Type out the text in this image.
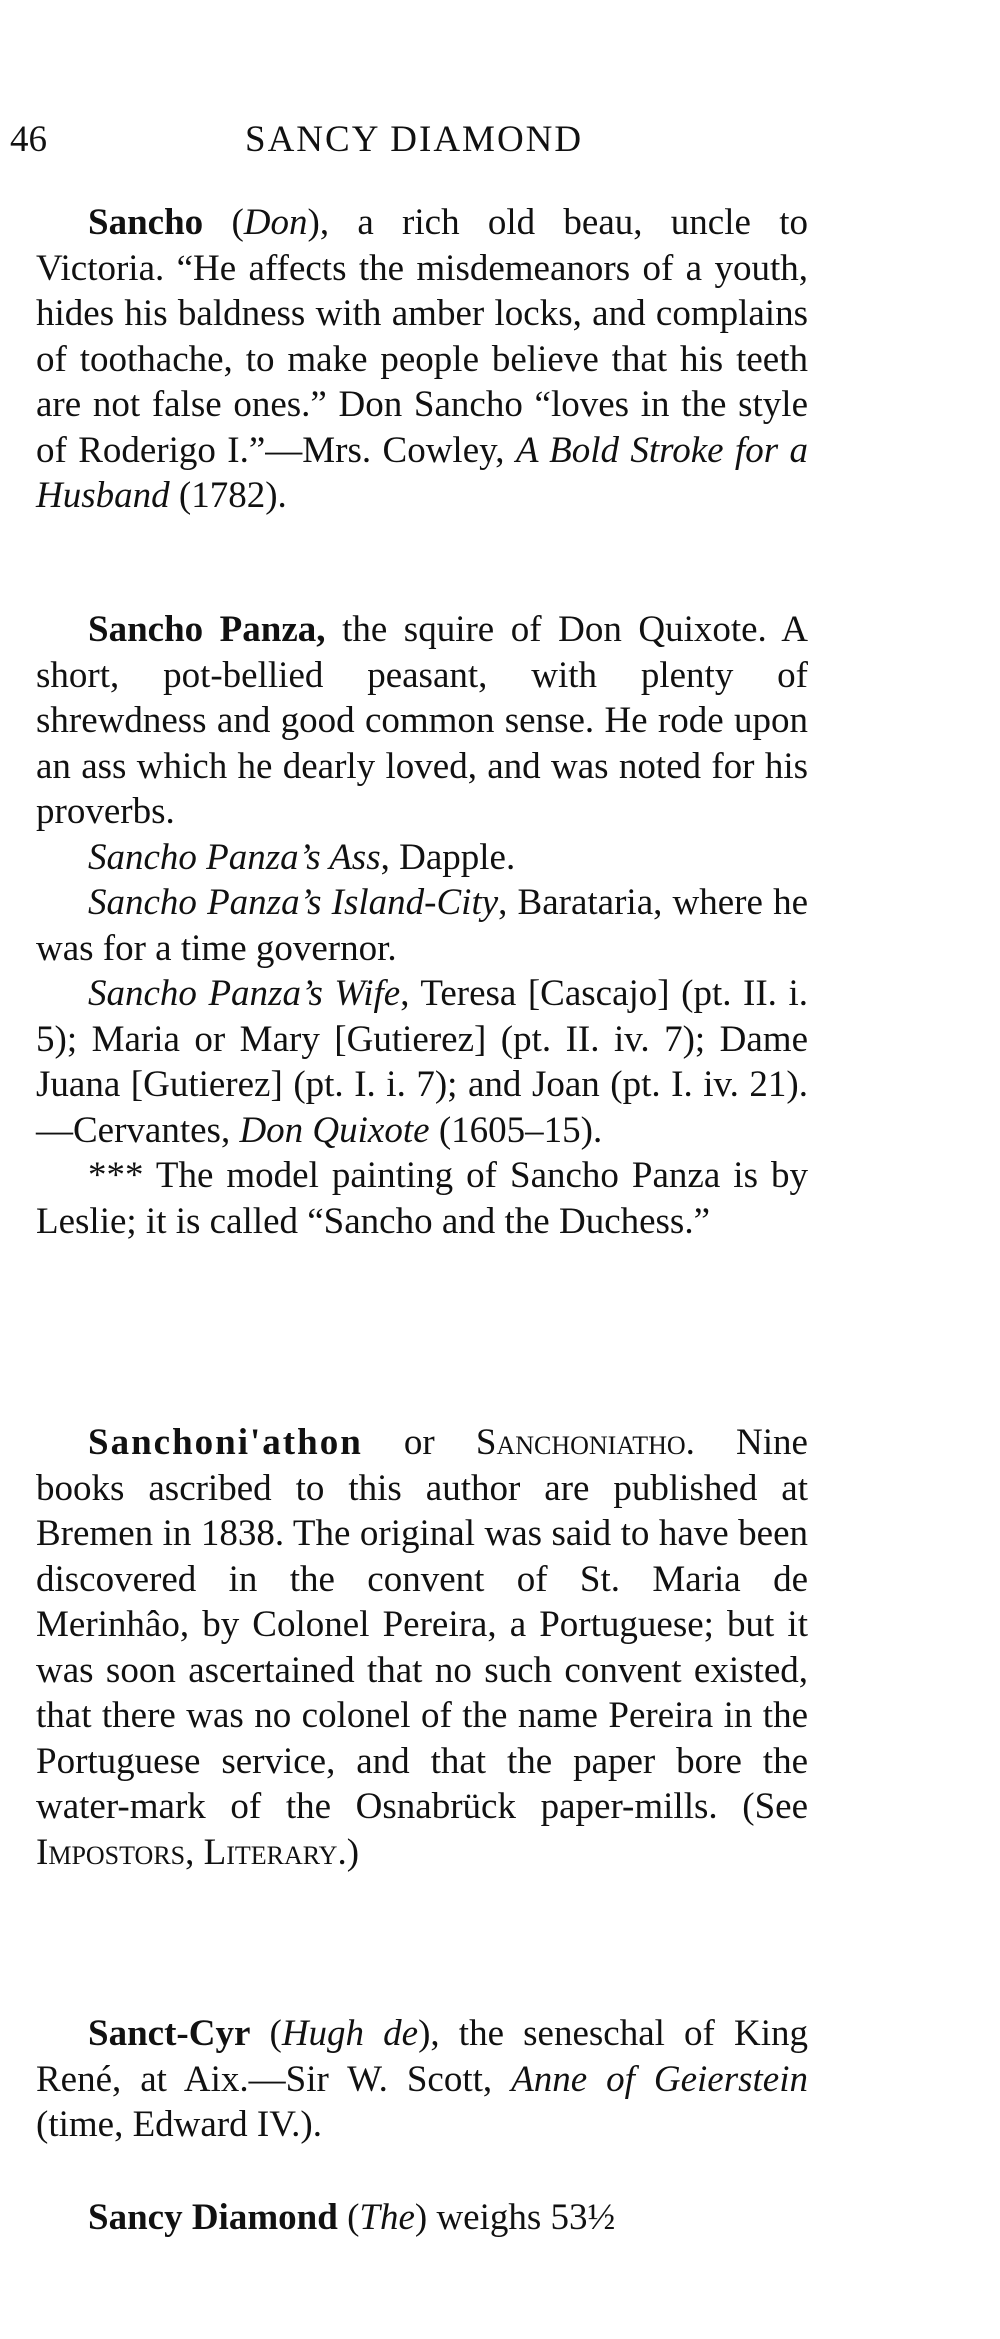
46	SANCY DIAMOND

Sancho (Don), a rich old beau, uncle to Victoria. “He affects the misdemeanors of a youth, hides his baldness with amber locks, and complains of toothache, to make people believe that his teeth are not false ones.” Don Sancho “loves in the style of Roderigo I.”—Mrs. Cowley, A Bold Stroke for a Husband (1782).

Sancho Panza, the squire of Don Quixote. A short, pot-bellied peasant, with plenty of shrewdness and good common sense. He rode upon an ass which he dearly loved, and was noted for his proverbs.

Sancho Panza’s Ass, Dapple.

Sancho Panza’s Island-City, Barataria, where he was for a time governor.

Sancho Panza’s Wife, Teresa [Cascajo] (pt. II. i. 5); Maria or Mary [Gutierez] (pt. II. iv. 7); Dame Juana [Gutierez] (pt. I. i. 7); and Joan (pt. I. iv. 21).—Cervantes, Don Quixote (1605–15).

*** The model painting of Sancho Panza is by Leslie; it is called “Sancho and the Duchess.”

Sanchoni'athon or Sanchoniatho. Nine books ascribed to this author are published at Bremen in 1838. The original was said to have been discovered in the convent of St. Maria de Merinhâo, by Colonel Pereira, a Portuguese; but it was soon ascertained that no such convent existed, that there was no colonel of the name Pereira in the Portuguese service, and that the paper bore the water-mark of the Osnabrück paper-mills. (See Impostors, Literary.)

Sanct-Cyr (Hugh de), the seneschal of King René, at Aix.—Sir W. Scott, Anne of Geierstein (time, Edward IV.).

Sancy Diamond (The) weighs 53½
